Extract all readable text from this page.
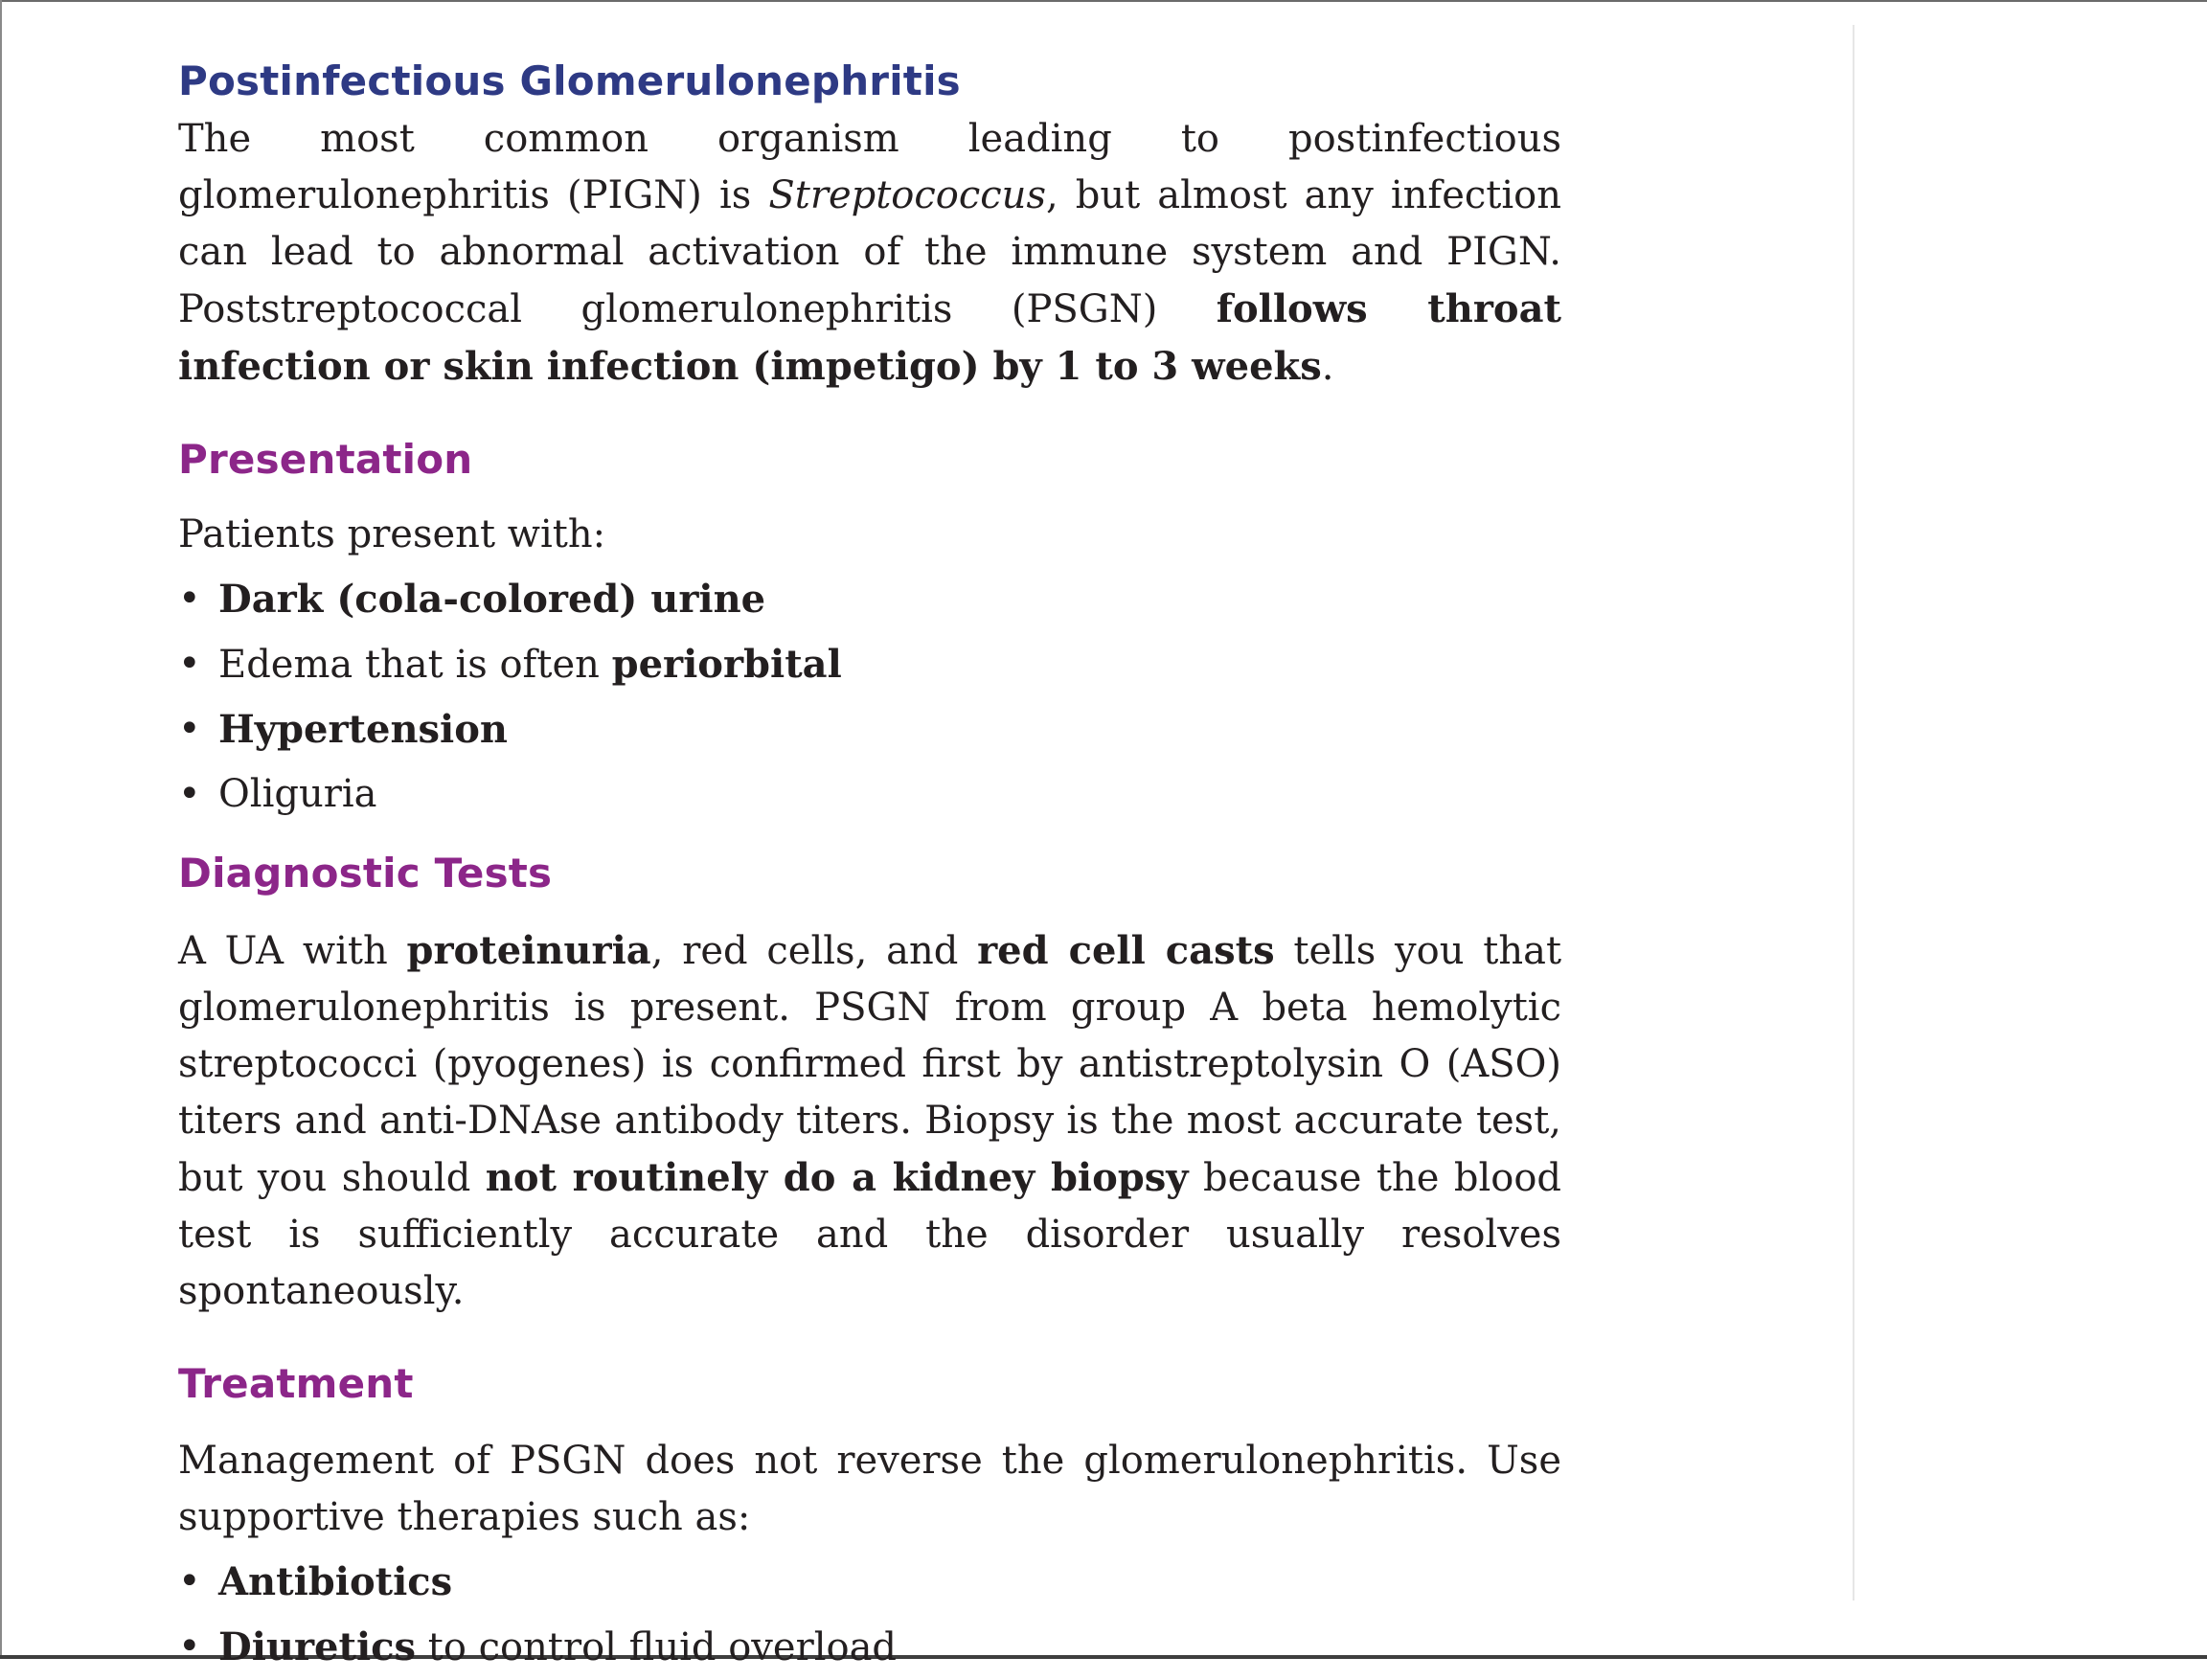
Postinfectious Glomerulonephritis

The most common organism leading to postinfectious glomerulonephritis (PIGN) is Streptococcus, but almost any infection can lead to abnormal activation of the immune system and PIGN. Poststreptococcal glomerulonephritis (PSGN) follows throat infection or skin infection (impetigo) by 1 to 3 weeks.

Presentation

Patients present with:

• Dark (cola-colored) urine
• Edema that is often periorbital
• Hypertension
• Oliguria
Diagnostic Tests

A UA with proteinuria, red cells, and red cell casts tells you that glomerulonephritis is present. PSGN from group A beta hemolytic streptococci (pyogenes) is confirmed first by antistreptolysin O (ASO) titers and anti-DNAse antibody titers. Biopsy is the most accurate test, but you should not routinely do a kidney biopsy because the blood test is sufficiently accurate and the disorder usually resolves spontaneously.

Treatment

Management of PSGN does not reverse the glomerulonephritis. Use supportive therapies such as:

• Antibiotics
• Diuretics to control fluid overload
